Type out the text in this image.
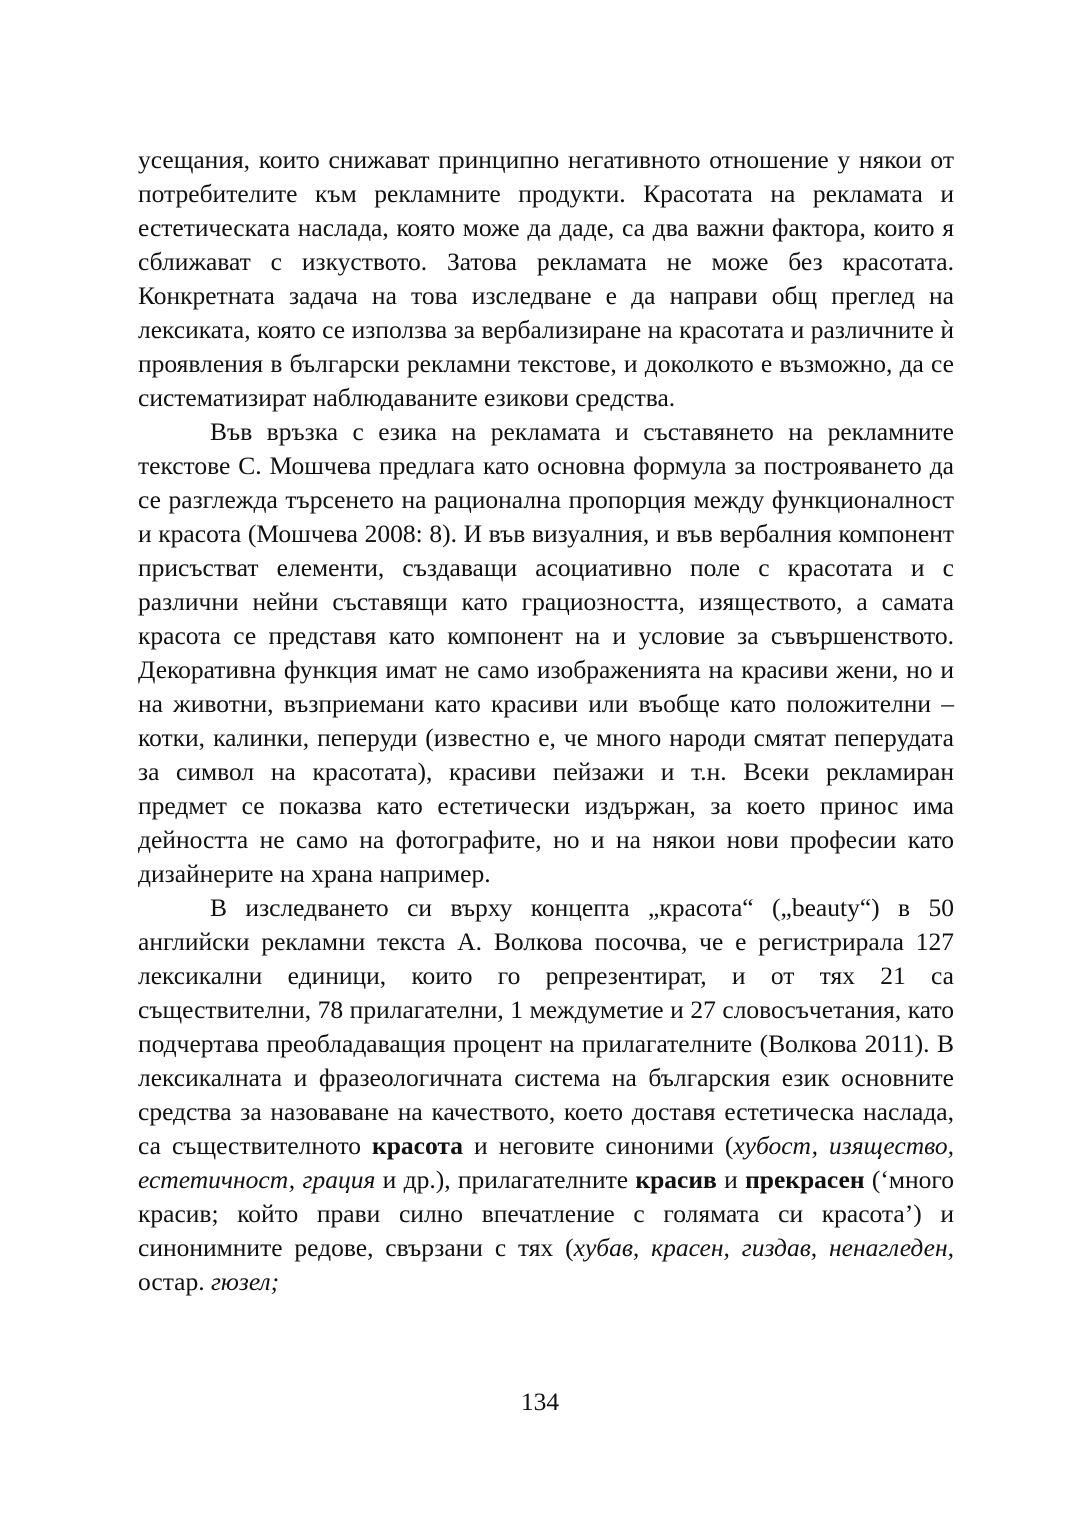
усещания, които снижават принципно негативното отношение у някои от потребителите към рекламните продукти. Красотата на рекламата и естетическата наслада, която може да даде, са два важни фактора, които я сближават с изкуството. Затова рекламата не може без красотата. Конкретната задача на това изследване е да направи общ преглед на лексиката, която се използва за вербализиране на красотата и различните ѝ проявления в български рекламни текстове, и доколкото е възможно, да се систематизират наблюдаваните езикови средства.

Във връзка с езика на рекламата и съставянето на рекламните текстове С. Мошчева предлага като основна формула за построяването да се разглежда търсенето на рационална пропорция между функционалност и красота (Мошчева 2008: 8). И във визуалния, и във вербалния компонент присъстват елементи, създаващи асоциативно поле с красотата и с различни нейни съставящи като грациозността, изяществото, а самата красота се представя като компонент на и условие за съвършенството. Декоративна функция имат не само изображенията на красиви жени, но и на животни, възприемани като красиви или въобще като положителни – котки, калинки, пеперуди (известно е, че много народи смятат пеперудата за символ на красотата), красиви пейзажи и т.н. Всеки рекламиран предмет се показва като естетически издържан, за което принос има дейността не само на фотографите, но и на някои нови професии като дизайнерите на храна например.

В изследването си върху концепта „красота“ („beauty“) в 50 английски рекламни текста А. Волкова посочва, че е регистрирала 127 лексикални единици, които го репрезентират, и от тях 21 са съществителни, 78 прилагателни, 1 междуметие и 27 словосъчетания, като подчертава преобладаващия процент на прилагателните (Волкова 2011). В лексикалната и фразеологичната система на българския език основните средства за назоваване на качеството, което доставя естетическа наслада, са съществителното красота и неговите синоними (хубост, изящество, естетичност, грация и др.), прилагателните красив и прекрасен (‘много красив; който прави силно впечатление с голямата си красота’) и синонимните редове, свързани с тях (хубав, красен, гиздав, ненагледен, остар. гюзел;

134
